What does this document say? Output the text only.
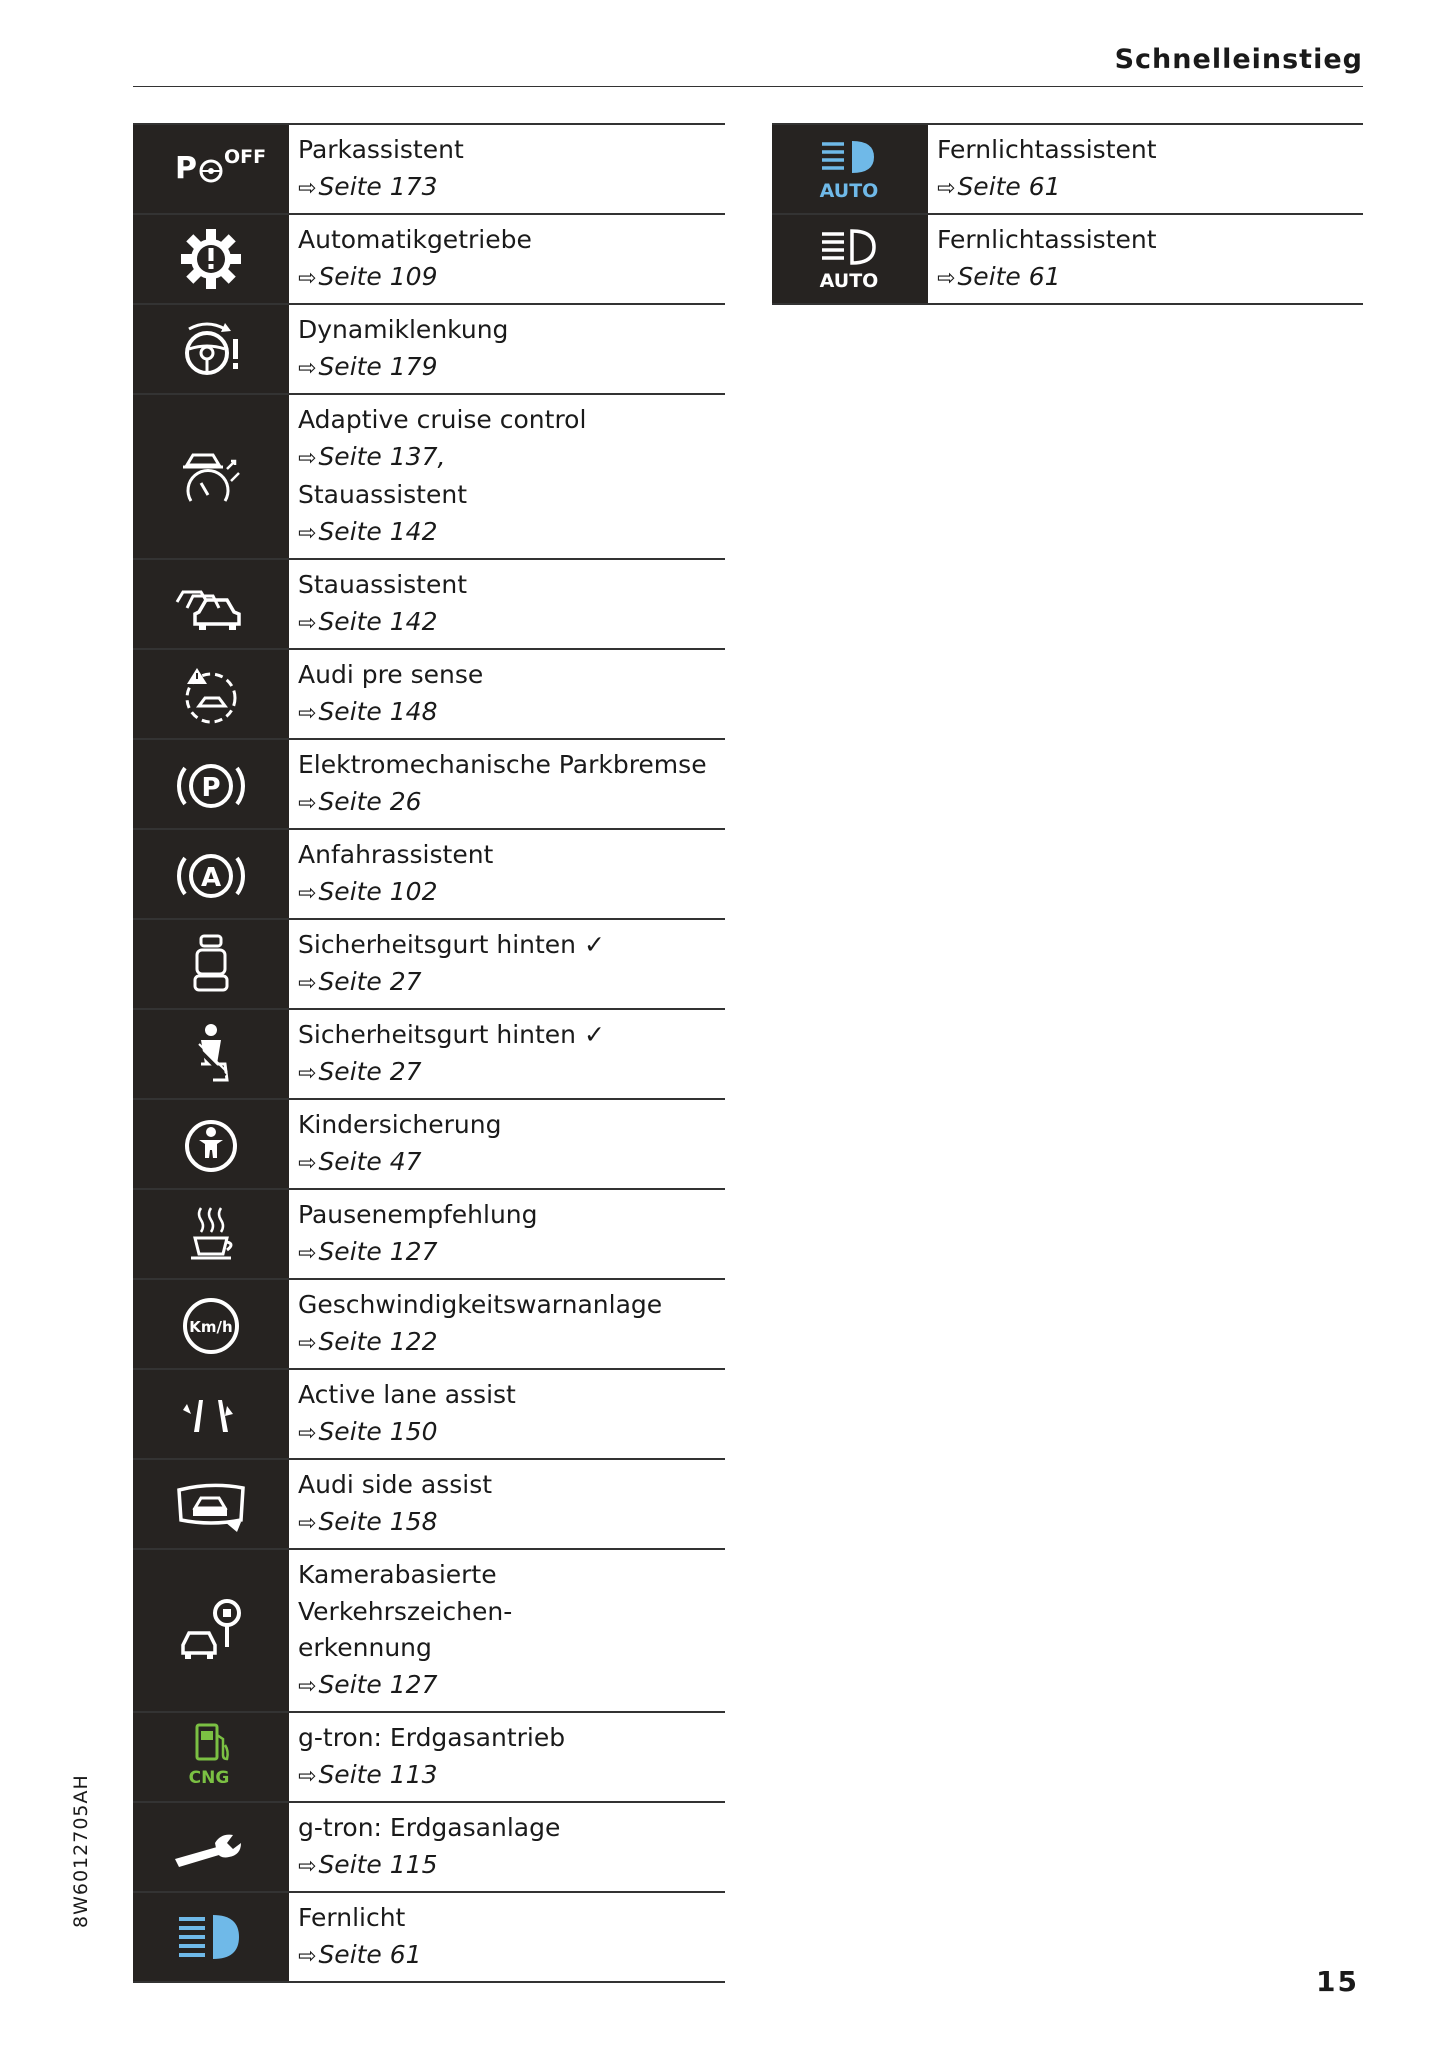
Schnelleinstieg
P OFF Parkassistent
⇨Seite 173
Automatikgetriebe
⇨Seite 109
Dynamiklenkung
⇨Seite 179
Adaptive cruise control
⇨Seite 137,
Stauassistent
⇨Seite 142
Stauassistent
⇨Seite 142
Audi pre sense
⇨Seite 148
P
Elektromechanische Parkbremse
⇨Seite 26
A
Anfahrassistent
⇨Seite 102
Sicherheitsgurt hinten ✓
⇨Seite 27
Sicherheitsgurt hinten ✓
⇨Seite 27
Kindersicherung
⇨Seite 47
Pausenempfehlung
⇨Seite 127
Km/h
Geschwindigkeitswarnanlage
⇨Seite 122
Active lane assist
⇨Seite 150
Audi side assist
⇨Seite 158
Kamerabasierte Verkehrszeichen-
erkennung
⇨Seite 127
CNG
g-tron: Erdgasantrieb
⇨Seite 113
g-tron: Erdgasanlage
⇨Seite 115
Fernlicht
⇨Seite 61
AUTO
Fernlichtassistent
⇨Seite 61
AUTO
Fernlichtassistent
⇨Seite 61
8W6012705AH
15
